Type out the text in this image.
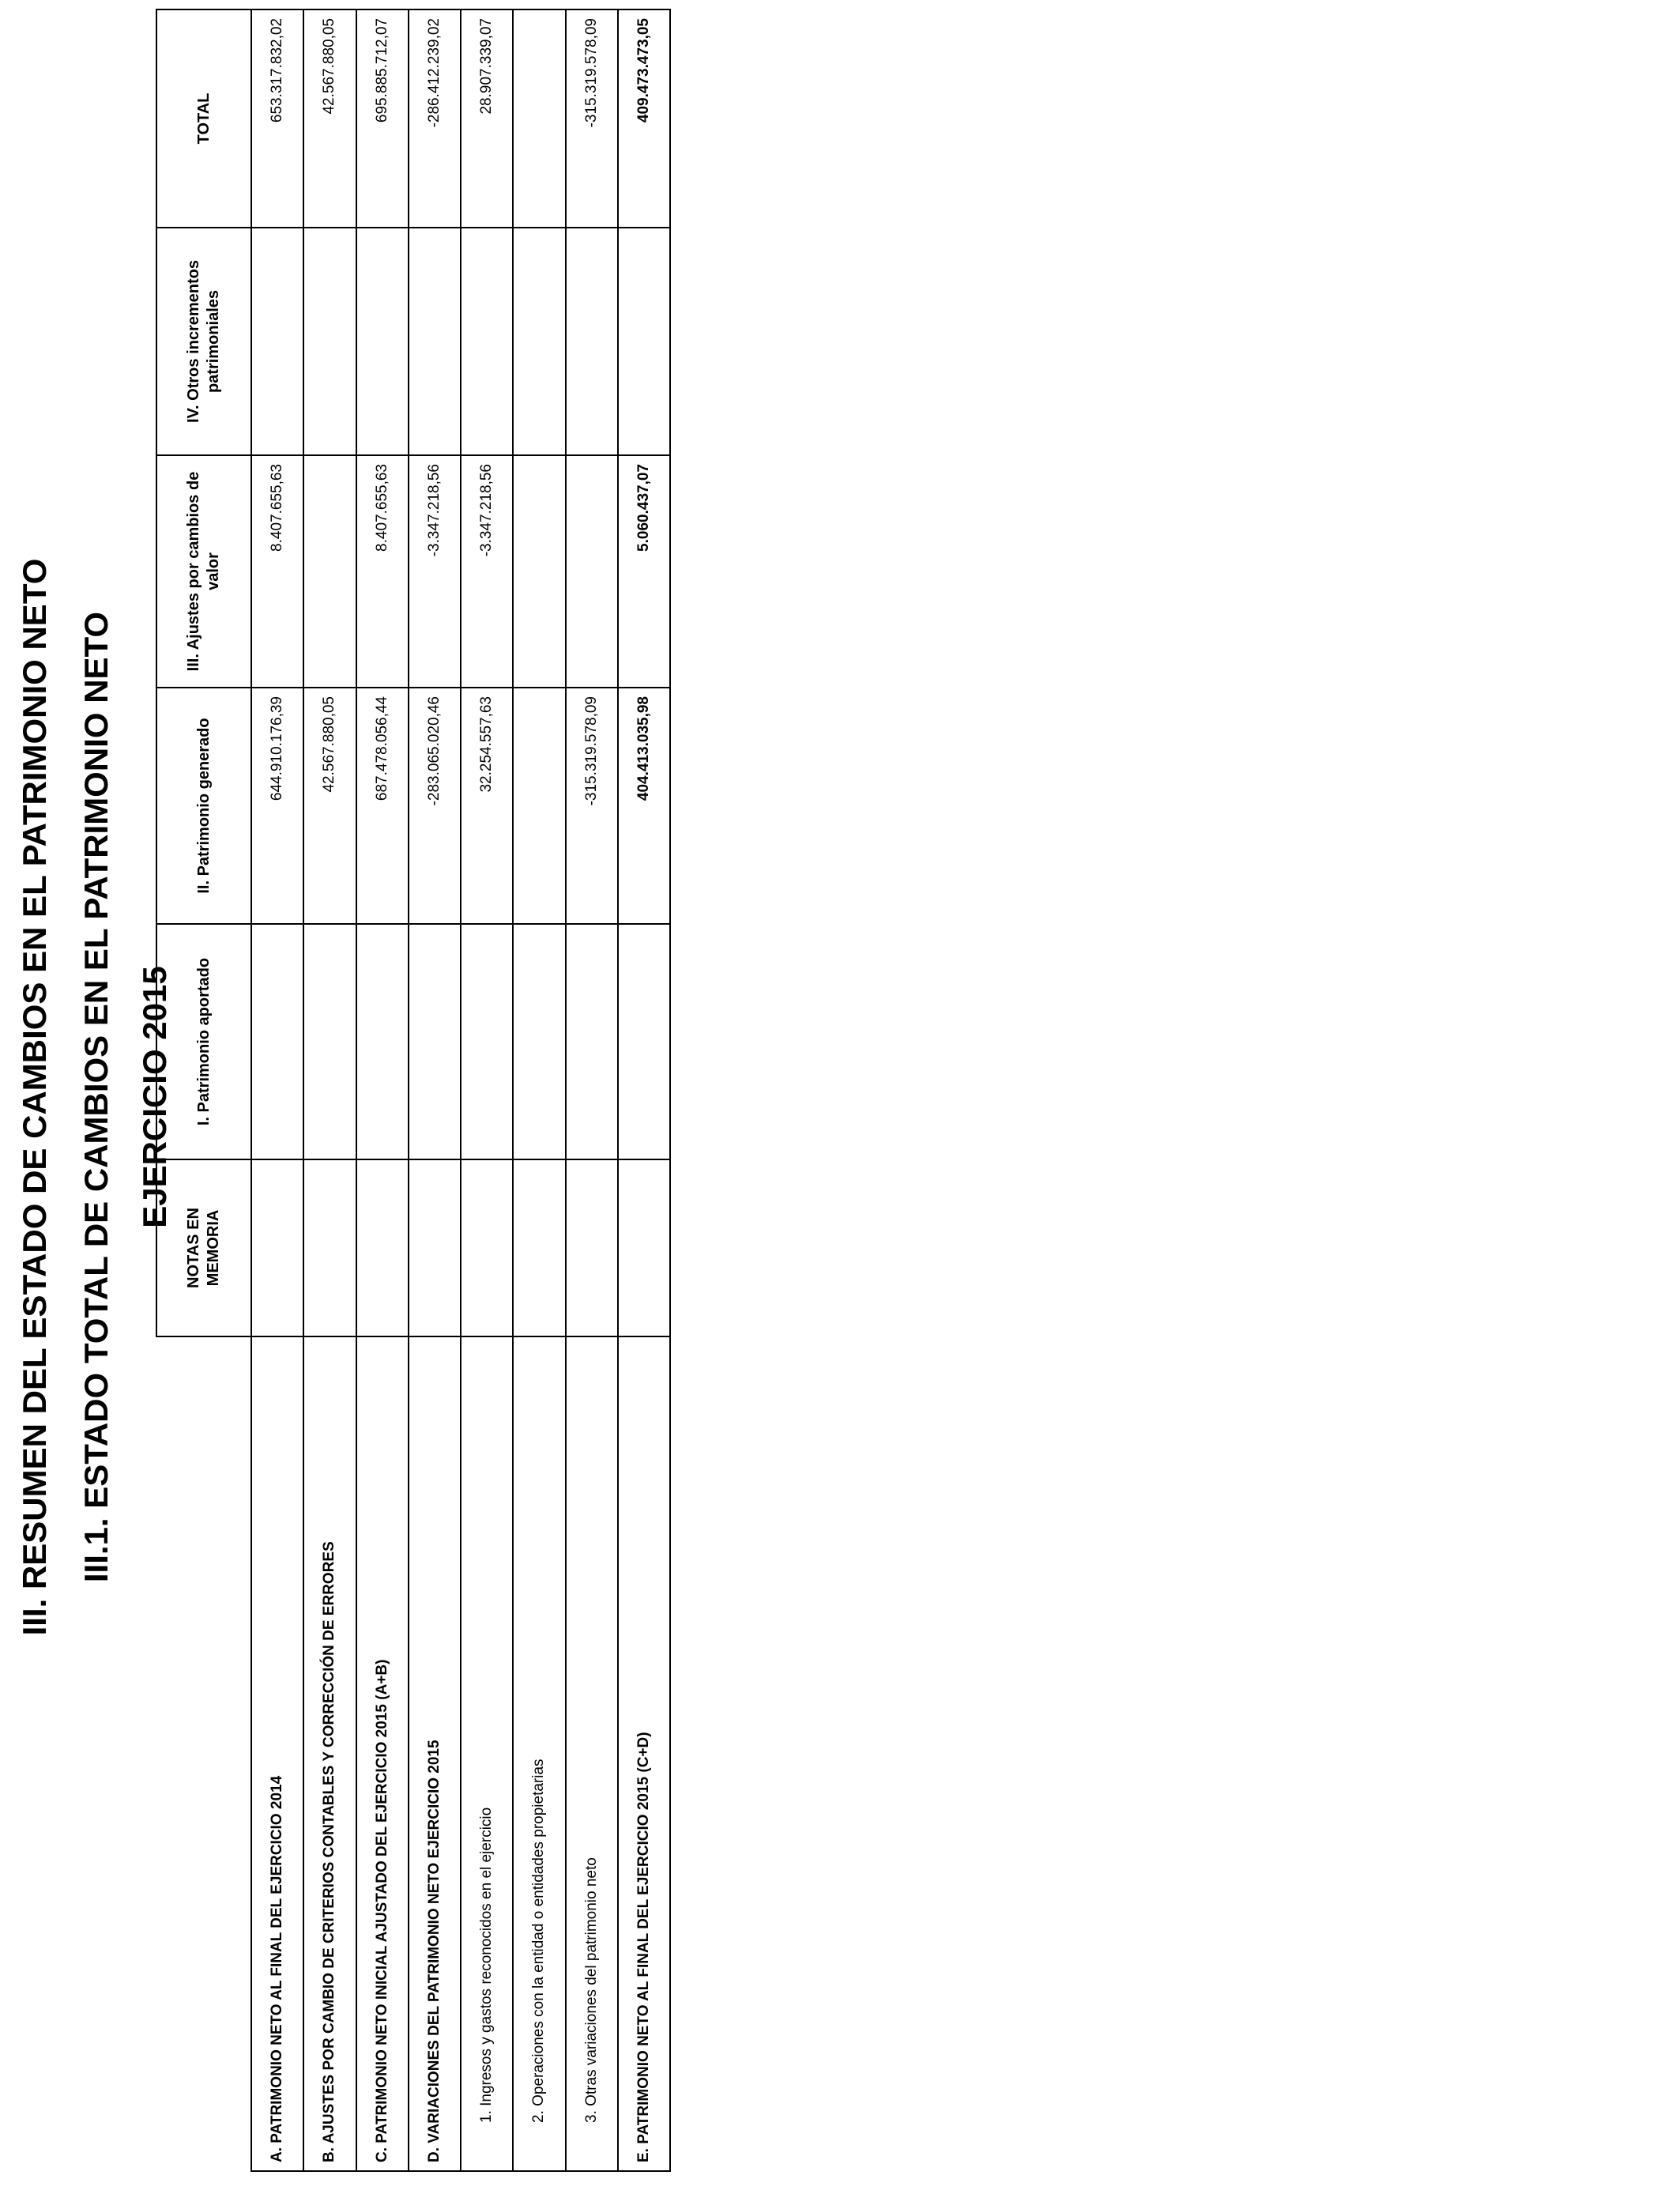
III. RESUMEN DEL ESTADO DE CAMBIOS EN EL PATRIMONIO NETO III.1. ESTADO TOTAL DE CAMBIOS EN EL PATRIMONIO NETO EJERCICIO 2015
	NOTAS EN MEMORIA	I. Patrimonio aportado	II. Patrimonio generado	III. Ajustes por cambios de valor	IV. Otros incrementos patrimoniales	TOTAL
A. PATRIMONIO NETO AL FINAL DEL EJERCICIO 2014			644.910.176,39	8.407.655,63		653.317.832,02
B. AJUSTES POR CAMBIO DE CRITERIOS CONTABLES Y CORRECCIÓN DE ERRORES			42.567.880,05			42.567.880,05
C. PATRIMONIO NETO INICIAL AJUSTADO DEL EJERCICIO 2015 (A+B)			687.478.056,44	8.407.655,63		695.885.712,07
D. VARIACIONES DEL PATRIMONIO NETO EJERCICIO 2015			-283.065.020,46	-3.347.218,56		-286.412.239,02
1. Ingresos y gastos reconocidos en el ejercicio			32.254.557,63	-3.347.218,56		28.907.339,07
2. Operaciones con la entidad o entidades propietarias						
3. Otras variaciones del patrimonio neto			-315.319.578,09			-315.319.578,09
E. PATRIMONIO NETO AL FINAL DEL EJERCICIO 2015 (C+D)			404.413.035,98	5.060.437,07		409.473.473,05
